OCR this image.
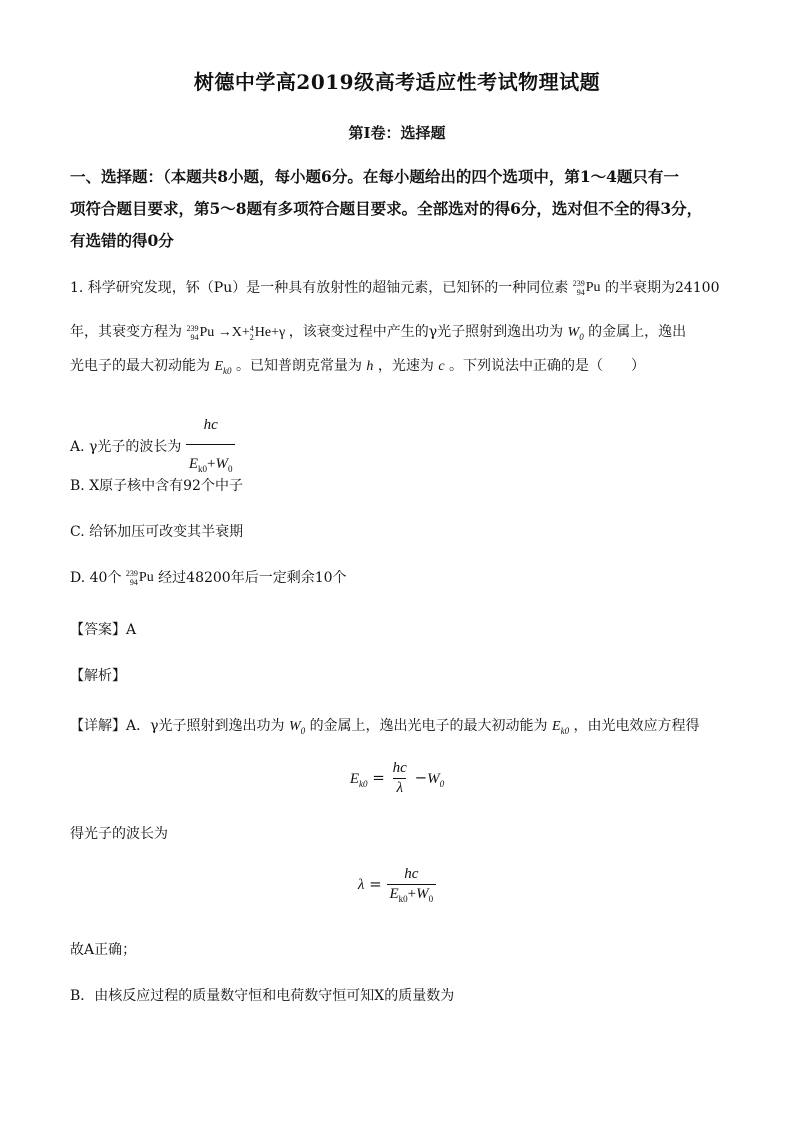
树德中学高2019级高考适应性考试物理试题
第Ⅰ卷：选择题
一、选择题：（本题共8小题，每小题6分。在每小题给出的四个选项中，第1～4题只有一
项符合题目要求，第5～8题有多项符合题目要求。全部选对的得6分，选对但不全的得3分，
有选错的得0分
1. 科学研究发现，钚（Pu）是一种具有放射性的超铀元素，已知钚的一种同位素 239
94 Pu 的半衰期为24100
年，其衰变方程为 239
94 Pu →X+ 4
2 He +γ ，该衰变过程中产生的γ光子照射到逸出功为 $W_0$ 的金属上，逸出
光电子的最大初动能为 $E_{k0}$ 。已知普朗克常量为 h ，光速为 c 。下列说法中正确的是（　　）
A. γ光子的波长为 $\frac{hc}{E_{k0}+W_0}$
B. X原子核中含有92个中子
C. 给钚加压可改变其半衰期
D. 40个 239
94 Pu 经过48200年后一定剩余10个
【答案】A
【解析】
【详解】A．γ光子照射到逸出功为 $W_0$ 的金属上，逸出光电子的最大初动能为 $E_{k0}$ ，由光电效应方程得
$E_{k0} = \frac{hc}{\lambda} -W_0$
得光子的波长为
$\lambda = \frac{hc}{E_{k0}+W_0}$
故A正确；
B．由核反应过程的质量数守恒和电荷数守恒可知X的质量数为
